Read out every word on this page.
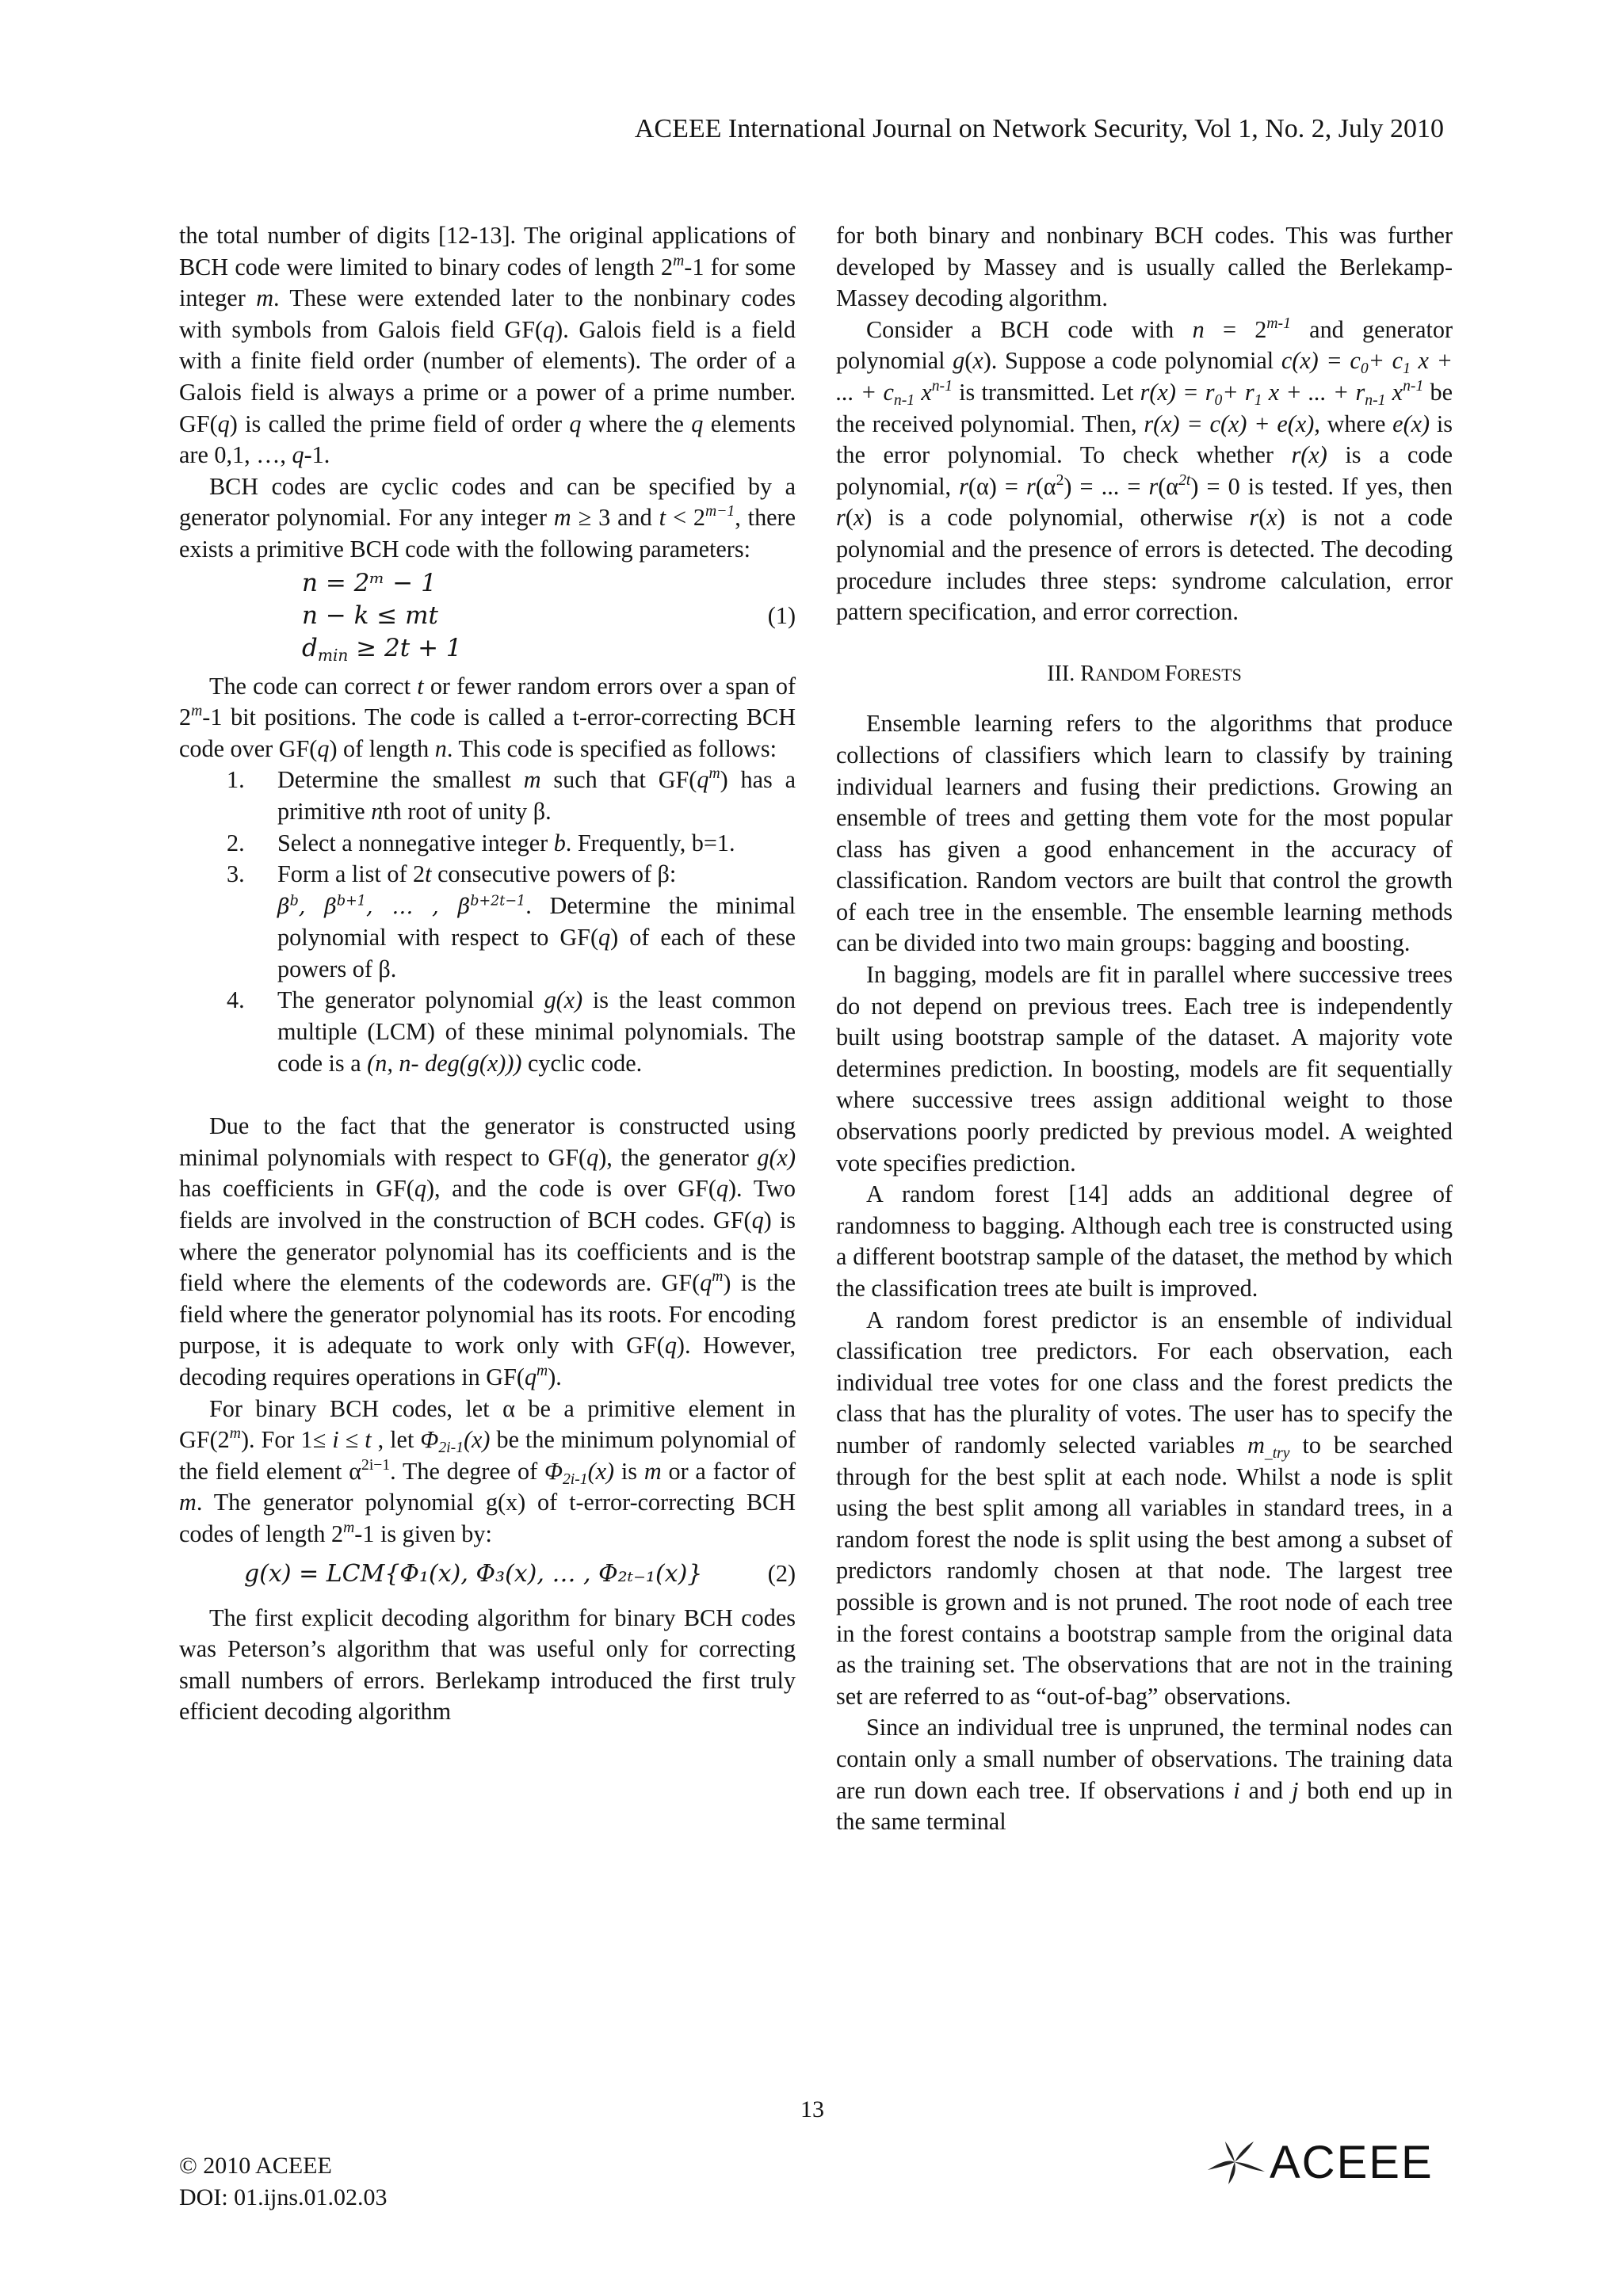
ACEEE International Journal on Network Security, Vol 1, No. 2, July 2010

the total number of digits [12-13]. The original applications of BCH code were limited to binary codes of length 2$^m$-1 for some integer m. These were extended later to the nonbinary codes with symbols from Galois field GF(q). Galois field is a field with a finite field order (number of elements). The order of a Galois field is always a prime or a power of a prime number. GF(q) is called the prime field of order q where the q elements are 0,1, …, q-1.

BCH codes are cyclic codes and can be specified by a generator polynomial. For any integer m ≥ 3 and $t < 2^{m-1}$, there exists a primitive BCH code with the following parameters:

n = 2ᵐ − 1
n − k ≤ mt
$d_{min} \ge 2t + 1$
(1)

The code can correct t or fewer random errors over a span of 2$^m$-1 bit positions. The code is called a t-error-correcting BCH code over GF(q) of length n. This code is specified as follows:

1. Determine the smallest m such that $GF(q^m)$ has a primitive nth root of unity β.
2. Select a nonnegative integer b. Frequently, b=1.
3. Form a list of 2t consecutive powers of β:
$\beta^b$, $\beta^{b+1}$, … , $\beta^{b+2t-1}$. Determine the minimal polynomial with respect to GF(q) of each of these powers of β.
4. The generator polynomial g(x) is the least common multiple (LCM) of these minimal polynomials. The code is a (n, n- deg(g(x))) cyclic code.

Due to the fact that the generator is constructed using minimal polynomials with respect to GF(q), the generator g(x) has coefficients in GF(q), and the code is over GF(q). Two fields are involved in the construction of BCH codes. GF(q) is where the generator polynomial has its coefficients and is the field where the elements of the codewords are. $GF(q^m)$ is the field where the generator polynomial has its roots. For encoding purpose, it is adequate to work only with GF(q). However, decoding requires operations in $GF(q^m)$.

For binary BCH codes, let α be a primitive element in GF(2$^m$). For 1≤ i ≤ t , let $\Phi_{2i-1}(x)$ be the minimum polynomial of the field element $\alpha^{2i-1}$. The degree of $\Phi_{2i-1}(x)$ is m or a factor of m. The generator polynomial g(x) of t-error-correcting BCH codes of length 2$^m$-1 is given by:

g(x) = LCM{Φ₁(x), Φ₃(x), … , Φ₂ₜ₋₁(x)}	(2)

The first explicit decoding algorithm for binary BCH codes was Peterson’s algorithm that was useful only for correcting small numbers of errors. Berlekamp introduced the first truly efficient decoding algorithm

for both binary and nonbinary BCH codes. This was further developed by Massey and is usually called the Berlekamp-Massey decoding algorithm.

Consider a BCH code with $n = 2^{m-1}$ and generator polynomial g(x). Suppose a code polynomial $c(x) = c_0+ c_1$ x + ... + $c_{n-1}$ $x^{n-1}$ is transmitted. Let $r(x) = r_0+ r_1$ x + ... + $r_{n-1}$ $x^{n-1}$ be the received polynomial. Then, r(x) = c(x) + e(x), where e(x) is the error polynomial. To check whether r(x) is a code polynomial, $r(\alpha) = r(\alpha^2)$ = ... = $r(\alpha^{2t}) = 0$ is tested. If yes, then r(x) is a code polynomial, otherwise r(x) is not a code polynomial and the presence of errors is detected. The decoding procedure includes three steps: syndrome calculation, error pattern specification, and error correction.

III. RANDOM FORESTS

Ensemble learning refers to the algorithms that produce collections of classifiers which learn to classify by training individual learners and fusing their predictions. Growing an ensemble of trees and getting them vote for the most popular class has given a good enhancement in the accuracy of classification. Random vectors are built that control the growth of each tree in the ensemble. The ensemble learning methods can be divided into two main groups: bagging and boosting.

In bagging, models are fit in parallel where successive trees do not depend on previous trees. Each tree is independently built using bootstrap sample of the dataset. A majority vote determines prediction. In boosting, models are fit sequentially where successive trees assign additional weight to those observations poorly predicted by previous model. A weighted vote specifies prediction.

A random forest [14] adds an additional degree of randomness to bagging. Although each tree is constructed using a different bootstrap sample of the dataset, the method by which the classification trees ate built is improved.

A random forest predictor is an ensemble of individual classification tree predictors. For each observation, each individual tree votes for one class and the forest predicts the class that has the plurality of votes. The user has to specify the number of randomly selected variables $m_{\_try}$ to be searched through for the best split at each node. Whilst a node is split using the best split among all variables in standard trees, in a random forest the node is split using the best among a subset of predictors randomly chosen at that node. The largest tree possible is grown and is not pruned. The root node of each tree in the forest contains a bootstrap sample from the original data as the training set. The observations that are not in the training set are referred to as “out-of-bag” observations.

Since an individual tree is unpruned, the terminal nodes can contain only a small number of observations. The training data are run down each tree. If observations i and j both end up in the same terminal

13
© 2010 ACEEE
DOI: 01.ijns.01.02.03
ACEEE
